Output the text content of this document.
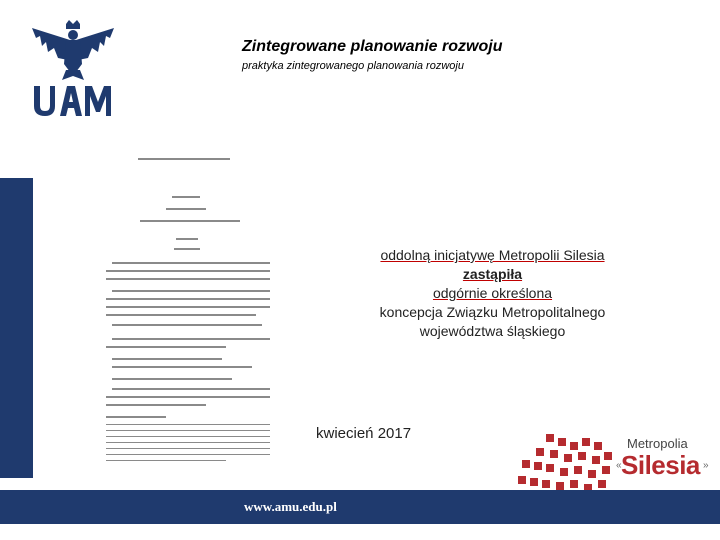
Zintegrowane planowanie rozwoju

praktyka zintegrowanego planowania rozwoju

oddolną inicjatywę Metropolii Silesia
zastąpiła
odgórnie określona
koncepcja Związku Metropolitalnego
województwa śląskiego
kwiecień 2017
Metropolia
« Silesia »
www.amu.edu.pl
